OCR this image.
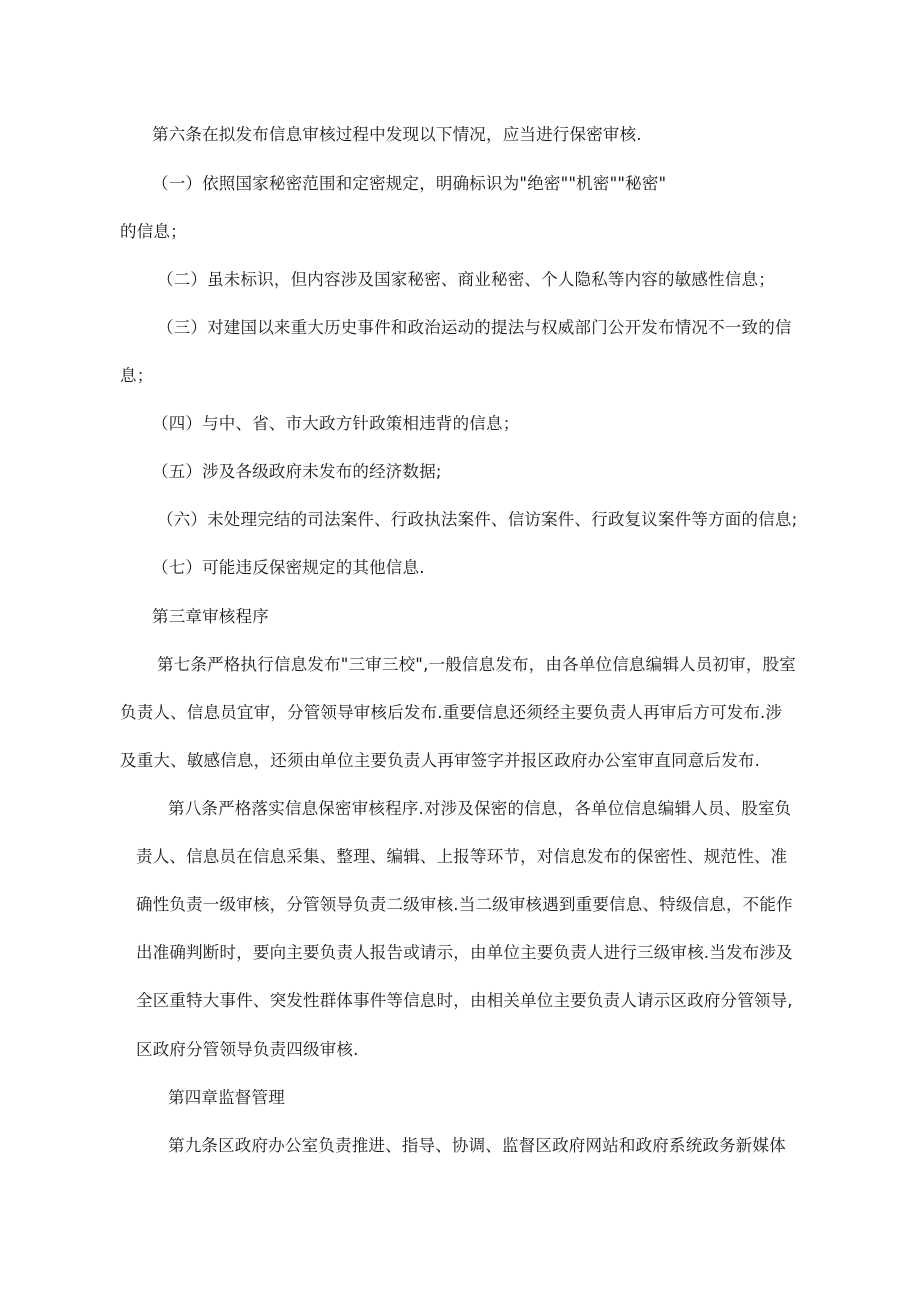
第六条在拟发布信息审核过程中发现以下情况，应当进行保密审核.
（一）依照国家秘密范围和定密规定，明确标识为"绝密""机密""秘密"
的信息；
（二）虽未标识，但内容涉及国家秘密、商业秘密、个人隐私等内容的敏感性信息；
（三）对建国以来重大历史事件和政治运动的提法与权威部门公开发布情况不一致的信
息；
（四）与中、省、市大政方针政策相违背的信息；
（五）涉及各级政府未发布的经济数据;
（六）未处理完结的司法案件、行政执法案件、信访案件、行政复议案件等方面的信息;
（七）可能违反保密规定的其他信息.
第三章审核程序
第七条严格执行信息发布"三审三校",一般信息发布，由各单位信息编辑人员初审，股室
负责人、信息员宜审，分管领导审核后发布.重要信息还须经主要负责人再审后方可发布.涉
及重大、敏感信息，还须由单位主要负责人再审签字并报区政府办公室审直同意后发布.
第八条严格落实信息保密审核程序.对涉及保密的信息，各单位信息编辑人员、股室负
责人、信息员在信息采集、整理、编辑、上报等环节，对信息发布的保密性、规范性、准
确性负责一级审核，分管领导负责二级审核.当二级审核遇到重要信息、特级信息，不能作
出准确判断时，要向主要负责人报告或请示，由单位主要负责人进行三级审核.当发布涉及
全区重特大事件、突发性群体事件等信息时，由相关单位主要负责人请示区政府分管领导,
区政府分管领导负责四级审核.
第四章监督管理
第九条区政府办公室负责推进、指导、协调、监督区政府网站和政府系统政务新媒体
